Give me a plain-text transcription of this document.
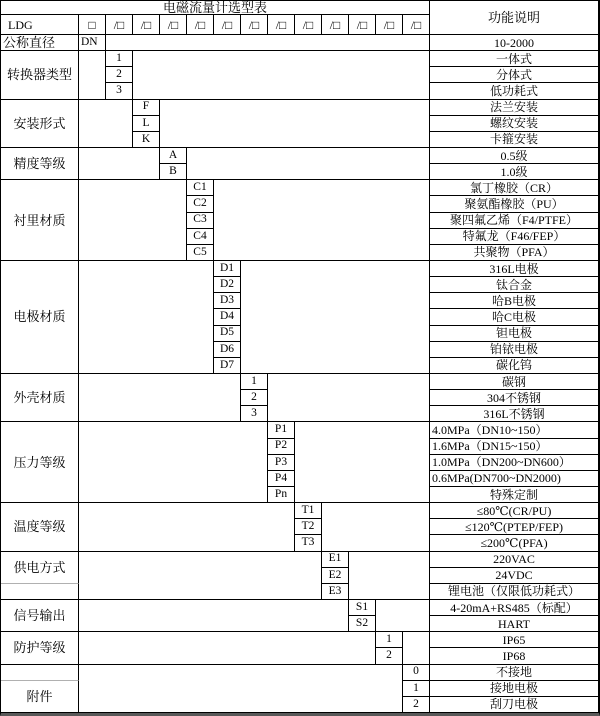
电磁流量计选型表
功能说明
LDG	□	/□	/□	/□	/□	/□	/□	/□	/□	/□	/□	/□	/□
公称直径	DN	10-2000
转换器类型
1	一体式
2	分体式
3	低功耗式
安装形式
F	法兰安装
L	螺纹安装
K	卡箍安装
精度等级
A	0.5级
B	1.0级
衬里材质
C1	氯丁橡胶（CR）
C2	聚氨酯橡胶（PU）
C3	聚四氟乙烯（F4/PTFE）
C4	特氟龙（F46/FEP）
C5	共聚物（PFA）
电极材质
D1	316L电极
D2	钛合金
D3	哈B电极
D4	哈C电极
D5	钽电极
D6	铂铱电极
D7	碳化钨
外壳材质
1	碳钢
2	304不锈钢
3	316L不锈钢
压力等级
P1	4.0MPa（DN10~150）
P2	1.6MPa（DN15~150）
P3	1.0MPa（DN200~DN600）
P4	0.6MPa(DN700~DN2000)
Pn	特殊定制
温度等级
T1	≤80℃(CR/PU)
T2	≤120℃(PTEP/FEP)
T3	≤200℃(PFA)
供电方式
E1	220VAC
E2	24VDC
E3	锂电池（仅限低功耗式）
信号输出
S1	4-20mA+RS485（标配）
S2	HART
防护等级
1	IP65
2	IP68
附件
0	不接地
1	接地电极
2	刮刀电极
